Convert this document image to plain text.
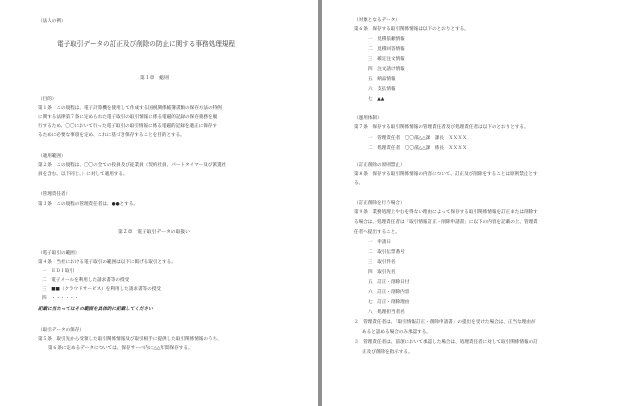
（法人の例）
電子取引データの訂正及び削除の防止に関する事務処理規程
第１章　総則
（目的）
第１条　この規程は、電子計算機を使用して作成する国税関係帳簿書類の保存方法の特例
に関する法律第７条に定められた電子取引の取引情報に係る電磁的記録の保存義務を履
行するため、〇〇において行った電子取引の取引情報に係る電磁的記録を適正に保存す
るために必要な事項を定め、これに基づき保存することを目的とする。
（適用範囲）
第２条　この規程は、〇〇の全ての役員及び従業員（契約社員、パートタイマー及び派遣社
員を含む。以下同じ。）に対して適用する。
（管理責任者）
第３条　この規程の管理責任者は、●●とする。
第２章　電子取引データの取扱い
（電子取引の範囲）
第４条　当社における電子取引の範囲は以下に掲げる取引とする。
一　ＥＤＩ取引
二　電子メールを利用した請求書等の授受
三　■■（クラウドサービス）を利用した請求書等の授受
四　・・・・・・
記載に当たってはその範囲を具体的に記載してください
（取引データの保存）
第５条　取引先から受領した取引関係情報及び取引相手に提供した取引関係情報のうち、
第６条に定めるデータについては、保存サーバ内に△△年間保存する。
（対象となるデータ）
第６条　保存する取引関係情報は以下のとおりとする。
一　見積依頼情報
二　見積回答情報
三　確定注文情報
四　注文請け情報
五　納品情報
六　支払情報
七　▲▲
（運用体制）
第７条　保存する取引関係情報の管理責任者及び処理責任者は以下のとおりとする。
一　管理責任者　〇〇部△△課　課長　ＸＸＸＸ
二　処理責任者　〇〇部△△課　係長　ＸＸＸＸ
（訂正削除の原則禁止）
第８条　保存する取引関係情報の内容について、訂正及び削除をすることは原則禁止とす
る。
（訂正削除を行う場合）
第９条　業務処理上やむを得ない理由によって保存する取引関係情報を訂正または削除す
る場合は、処理責任者は「取引情報訂正・削除申請書」に以下の内容を記載の上、管理責
任者へ提出すること。
一　申請日
二　取引伝票番号
三　取引件名
四　取引先名
五　訂正・削除日付
六　訂正・削除内容
七　訂正・削除理由
八　処理担当者名
２　管理責任者は、「取引情報訂正・削除申請書」の提出を受けた場合は、正当な理由が
あると認める場合のみ承認する。
３　管理責任者は、前項において承認した場合は、処理責任者に対して取引関係情報の訂
正及び削除を指示する。
